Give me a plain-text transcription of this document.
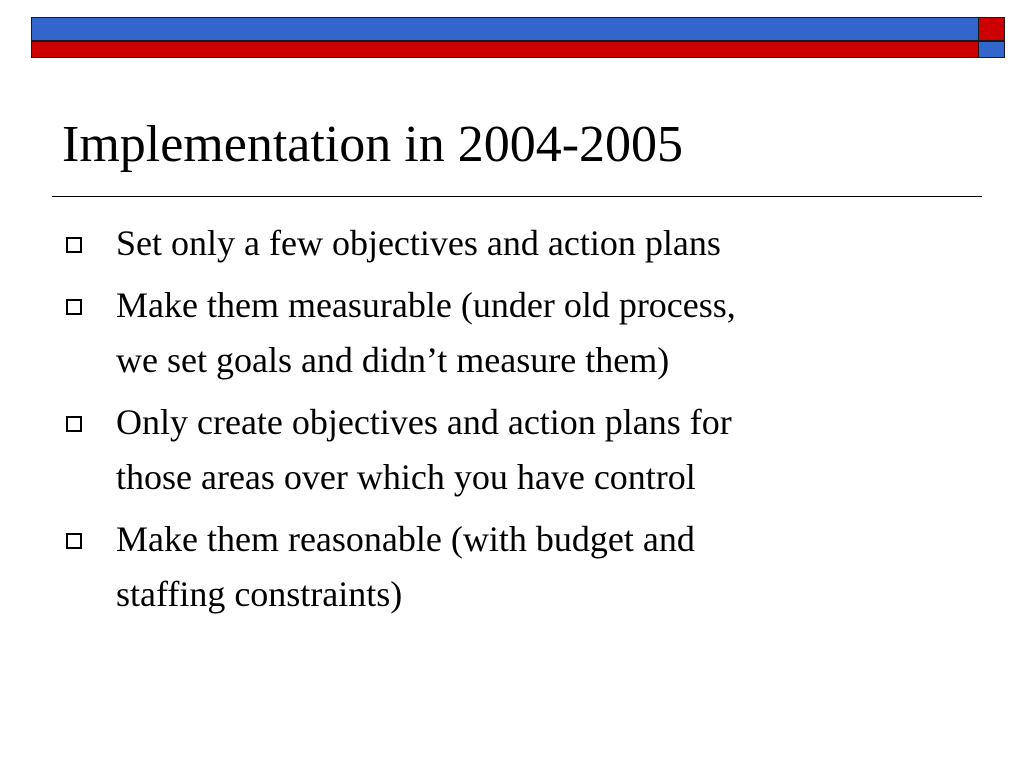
Implementation in 2004-2005
Set only a few objectives and action plans
Make them measurable (under old process,
we set goals and didn’t measure them)
Only create objectives and action plans for
those areas over which you have control
Make them reasonable (with budget and
staffing constraints)
